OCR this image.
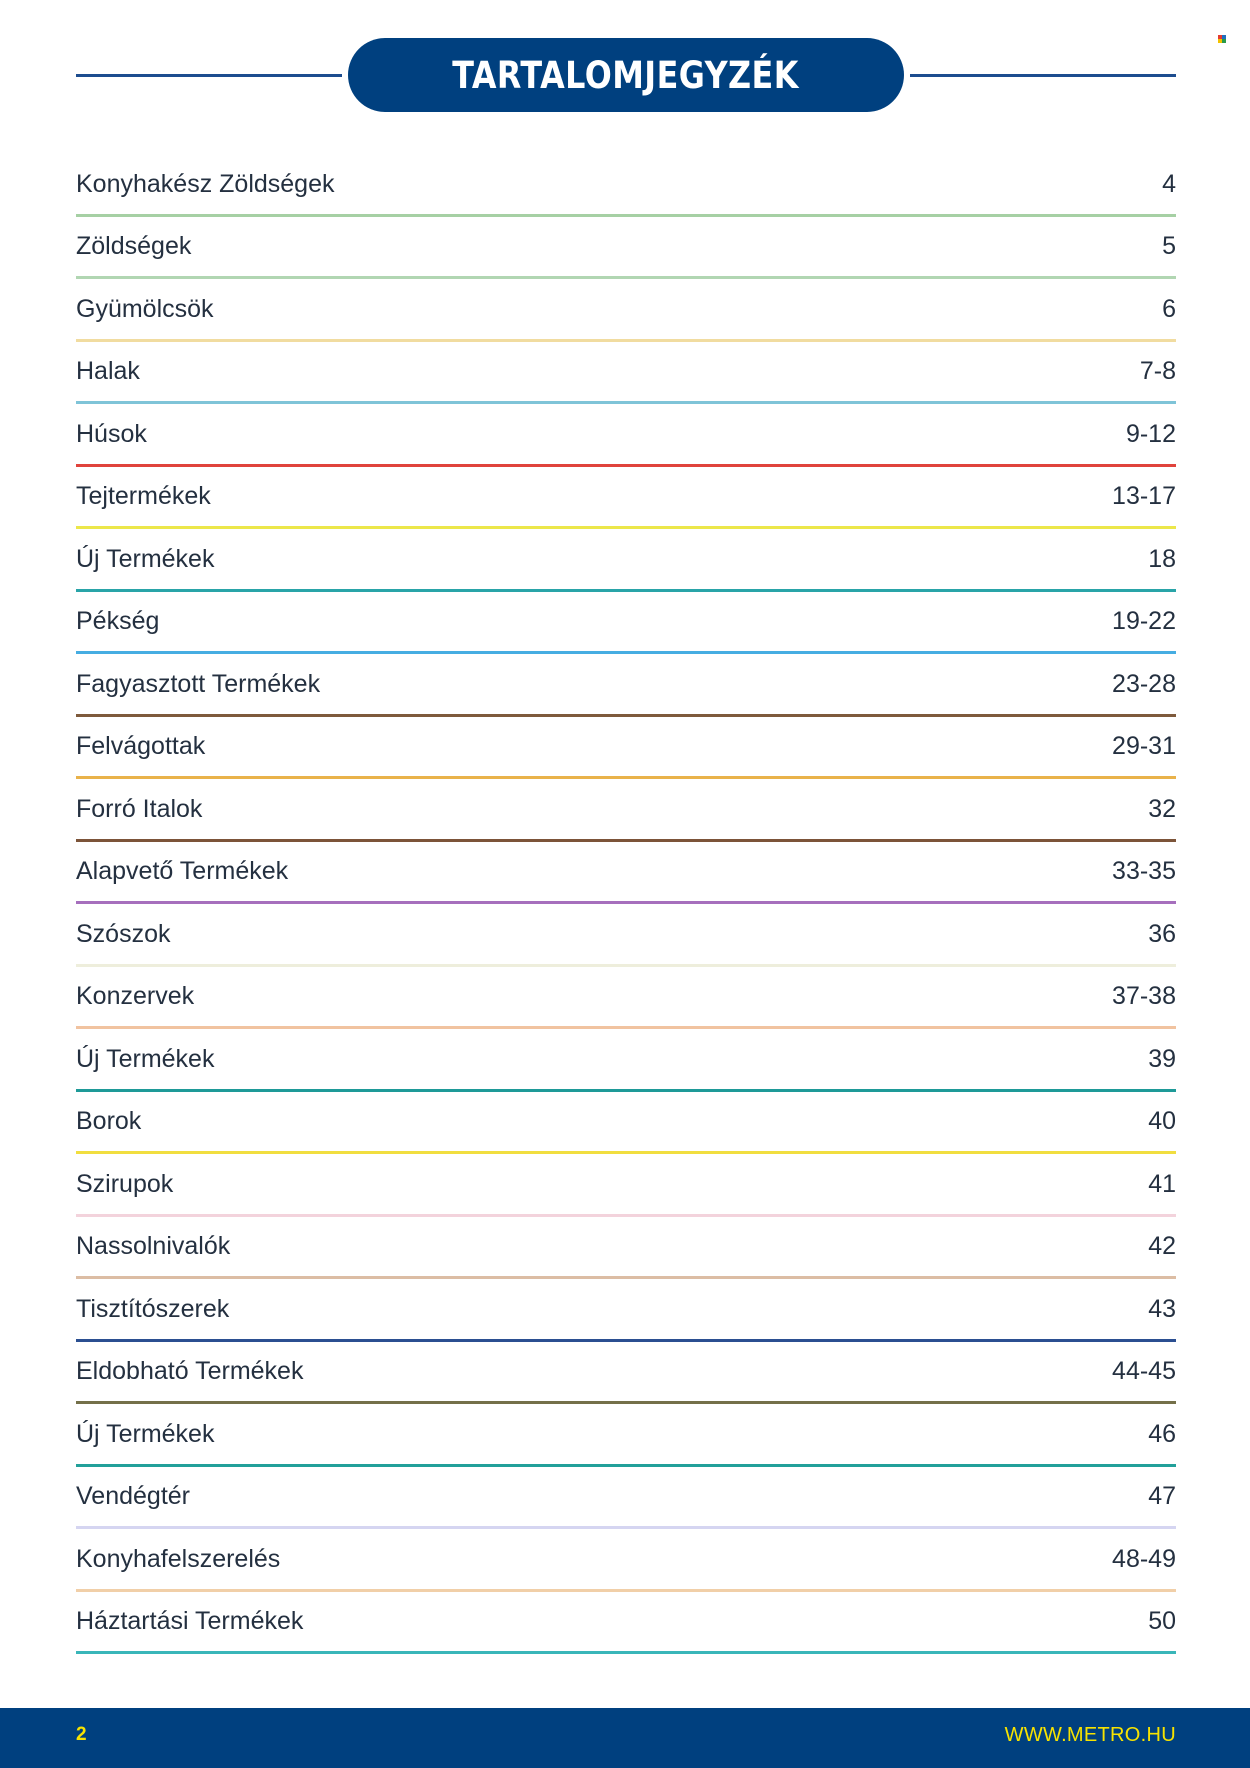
TARTALOMJEGYZÉK
Konyhakész Zöldségek	4
Zöldségek	5
Gyümölcsök	6
Halak	7-8
Húsok	9-12
Tejtermékek	13-17
Új Termékek	18
Pékség	19-22
Fagyasztott Termékek	23-28
Felvágottak	29-31
Forró Italok	32
Alapvető Termékek	33-35
Szószok	36
Konzervek	37-38
Új Termékek	39
Borok	40
Szirupok	41
Nassolnivalók	42
Tisztítószerek	43
Eldobható Termékek	44-45
Új Termékek	46
Vendégtér	47
Konyhafelszerelés	48-49
Háztartási Termékek	50
2	WWW.METRO.HU
